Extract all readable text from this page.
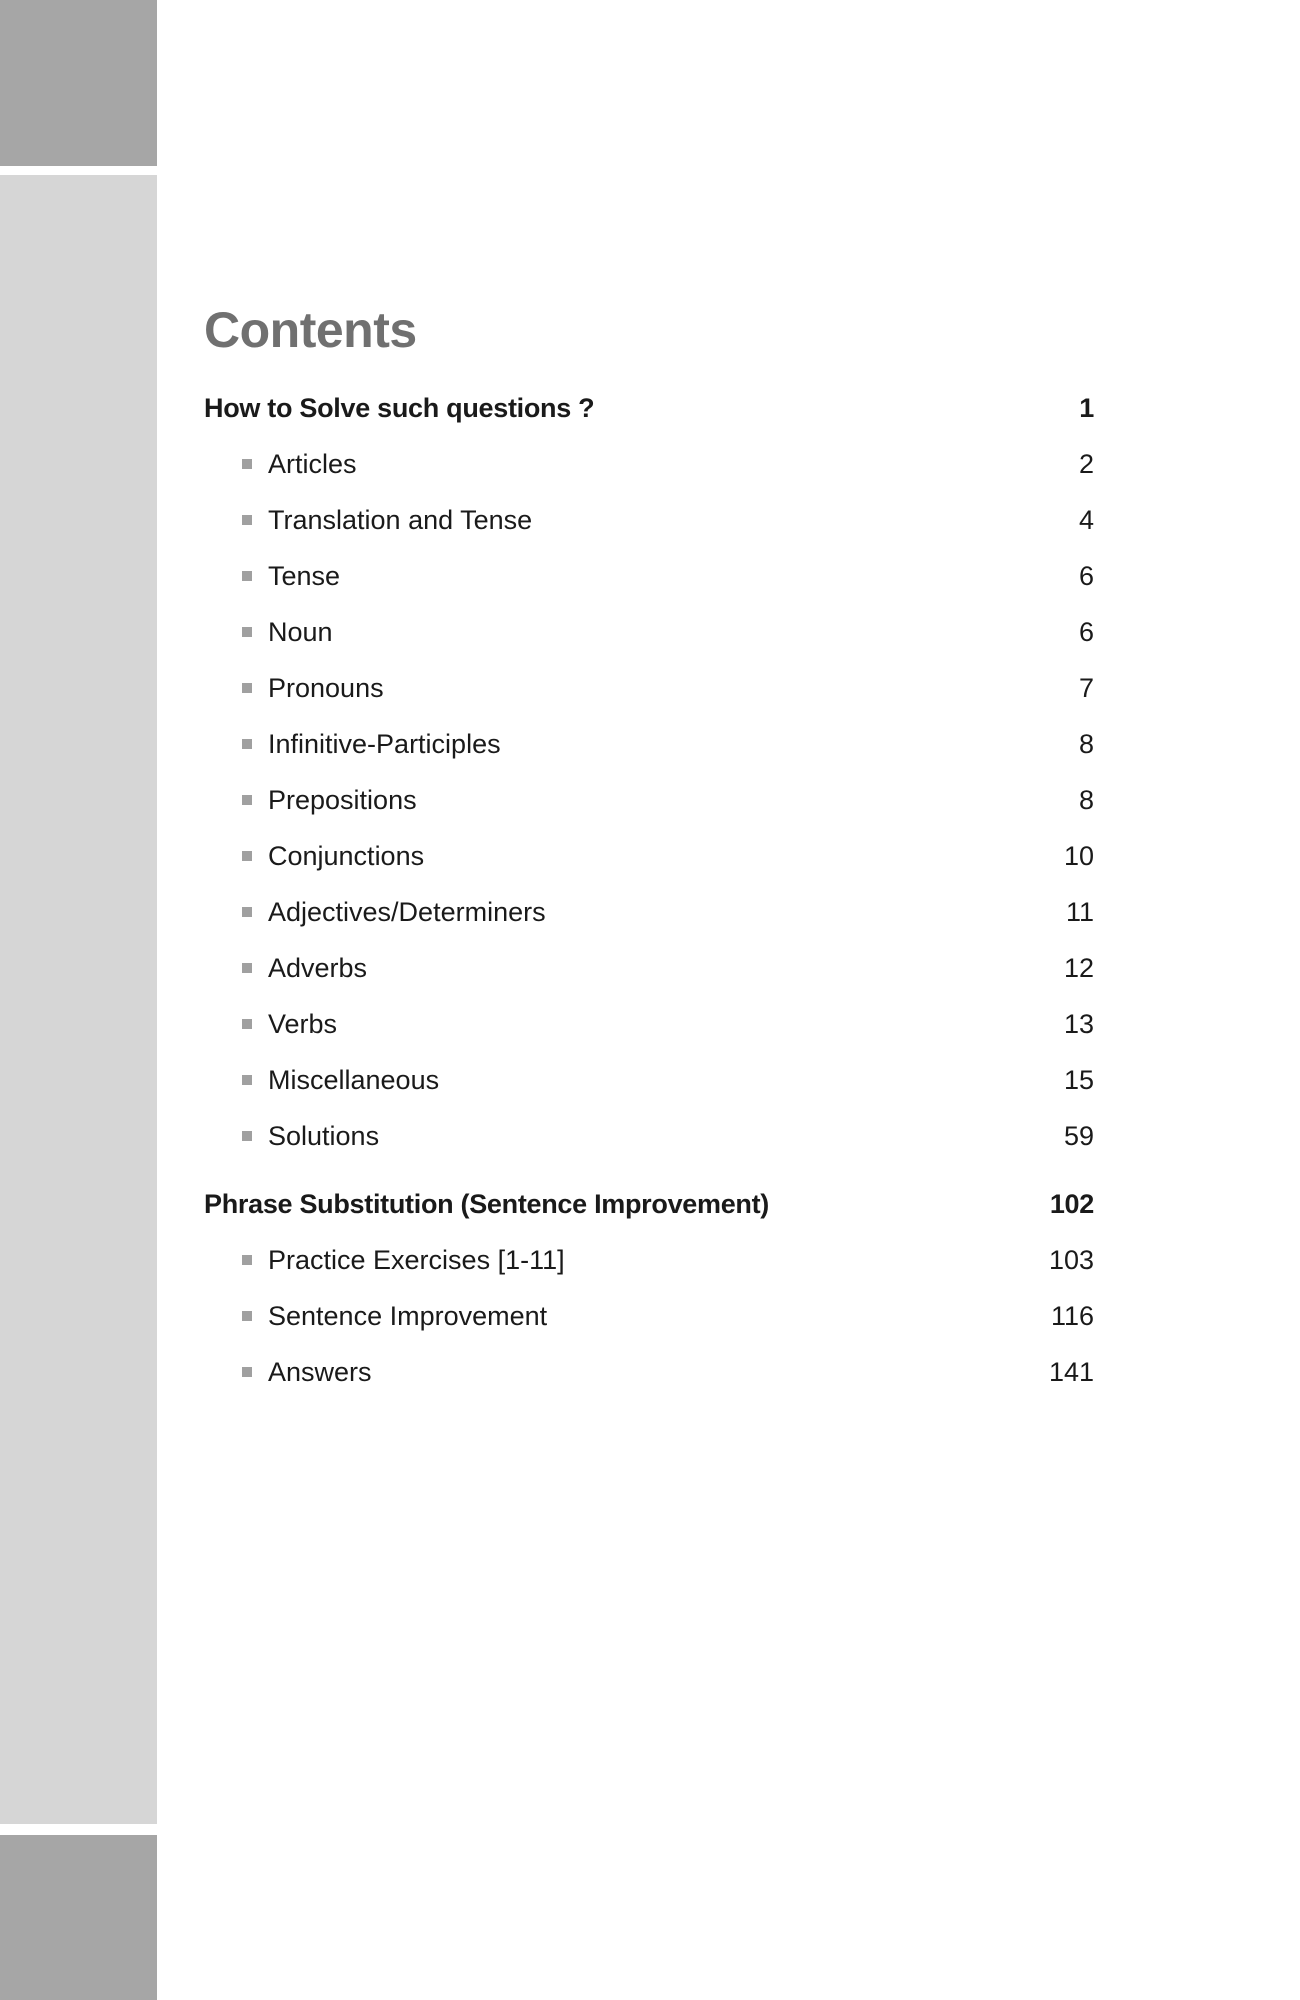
Contents
How to Solve such questions ?	1
Articles	2
Translation and Tense	4
Tense	6
Noun	6
Pronouns	7
Infinitive-Participles	8
Prepositions	8
Conjunctions	10
Adjectives/Determiners	11
Adverbs	12
Verbs	13
Miscellaneous	15
Solutions	59
Phrase Substitution (Sentence Improvement)	102
Practice Exercises [1-11]	103
Sentence Improvement	116
Answers	141
